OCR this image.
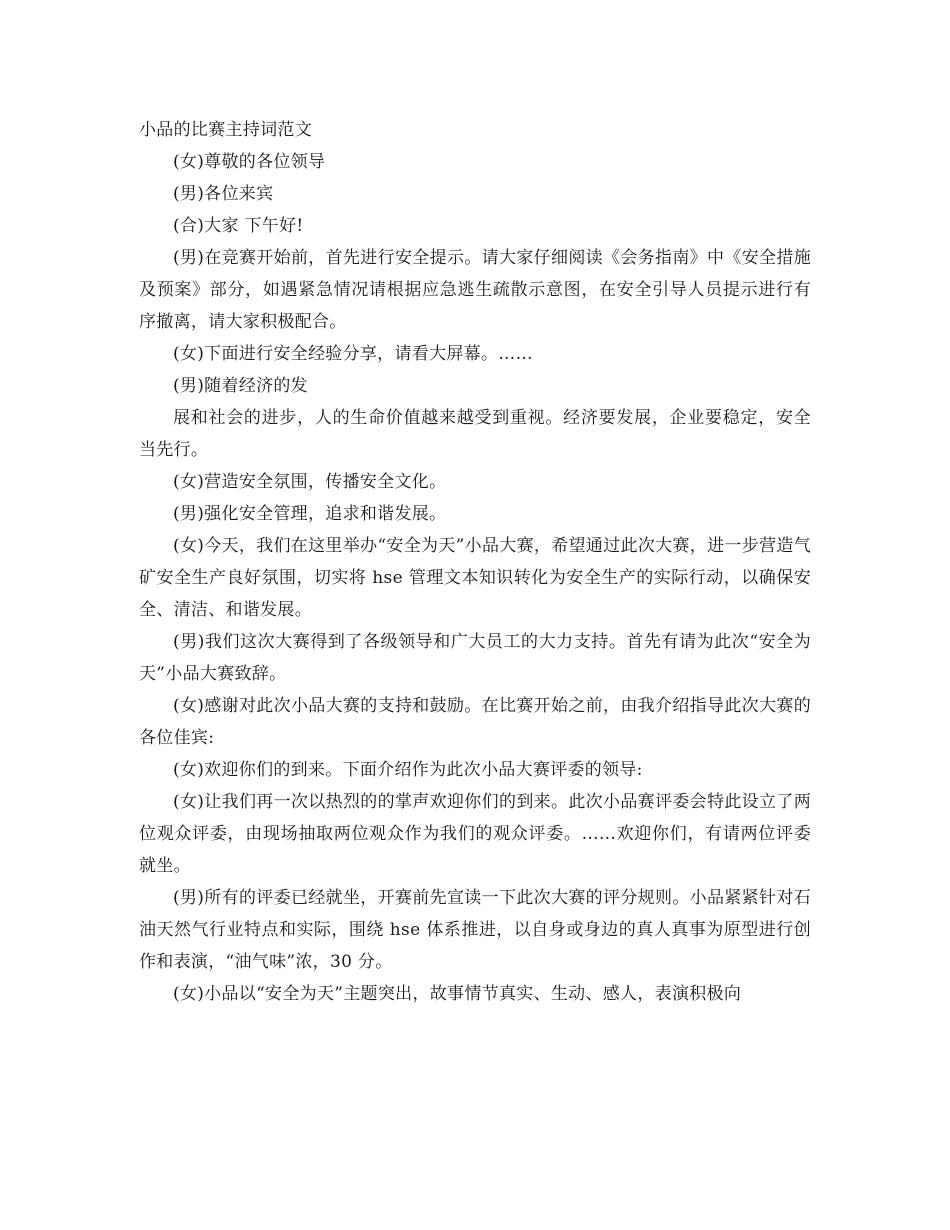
小品的比赛主持词范文

(女)尊敬的各位领导

(男)各位来宾

(合)大家 下午好!

(男)在竞赛开始前，首先进行安全提示。请大家仔细阅读《会务指南》中《安全措施及预案》部分，如遇紧急情况请根据应急逃生疏散示意图，在安全引导人员提示进行有序撤离，请大家积极配合。

(女)下面进行安全经验分享，请看大屏幕。……

(男)随着经济的发

展和社会的进步，人的生命价值越来越受到重视。经济要发展，企业要稳定，安全当先行。

(女)营造安全氛围，传播安全文化。

(男)强化安全管理，追求和谐发展。

(女)今天，我们在这里举办“安全为天”小品大赛，希望通过此次大赛，进一步营造气矿安全生产良好氛围，切实将 hse 管理文本知识转化为安全生产的实际行动，以确保安全、清洁、和谐发展。

(男)我们这次大赛得到了各级领导和广大员工的大力支持。首先有请为此次“安全为天”小品大赛致辞。

(女)感谢对此次小品大赛的支持和鼓励。在比赛开始之前，由我介绍指导此次大赛的各位佳宾:

(女)欢迎你们的到来。下面介绍作为此次小品大赛评委的领导:

(女)让我们再一次以热烈的的掌声欢迎你们的到来。此次小品赛评委会特此设立了两位观众评委，由现场抽取两位观众作为我们的观众评委。……欢迎你们，有请两位评委就坐。

(男)所有的评委已经就坐，开赛前先宣读一下此次大赛的评分规则。小品紧紧针对石油天然气行业特点和实际，围绕 hse 体系推进，以自身或身边的真人真事为原型进行创作和表演，“油气味”浓，30 分。

(女)小品以“安全为天”主题突出，故事情节真实、生动、感人，表演积极向
